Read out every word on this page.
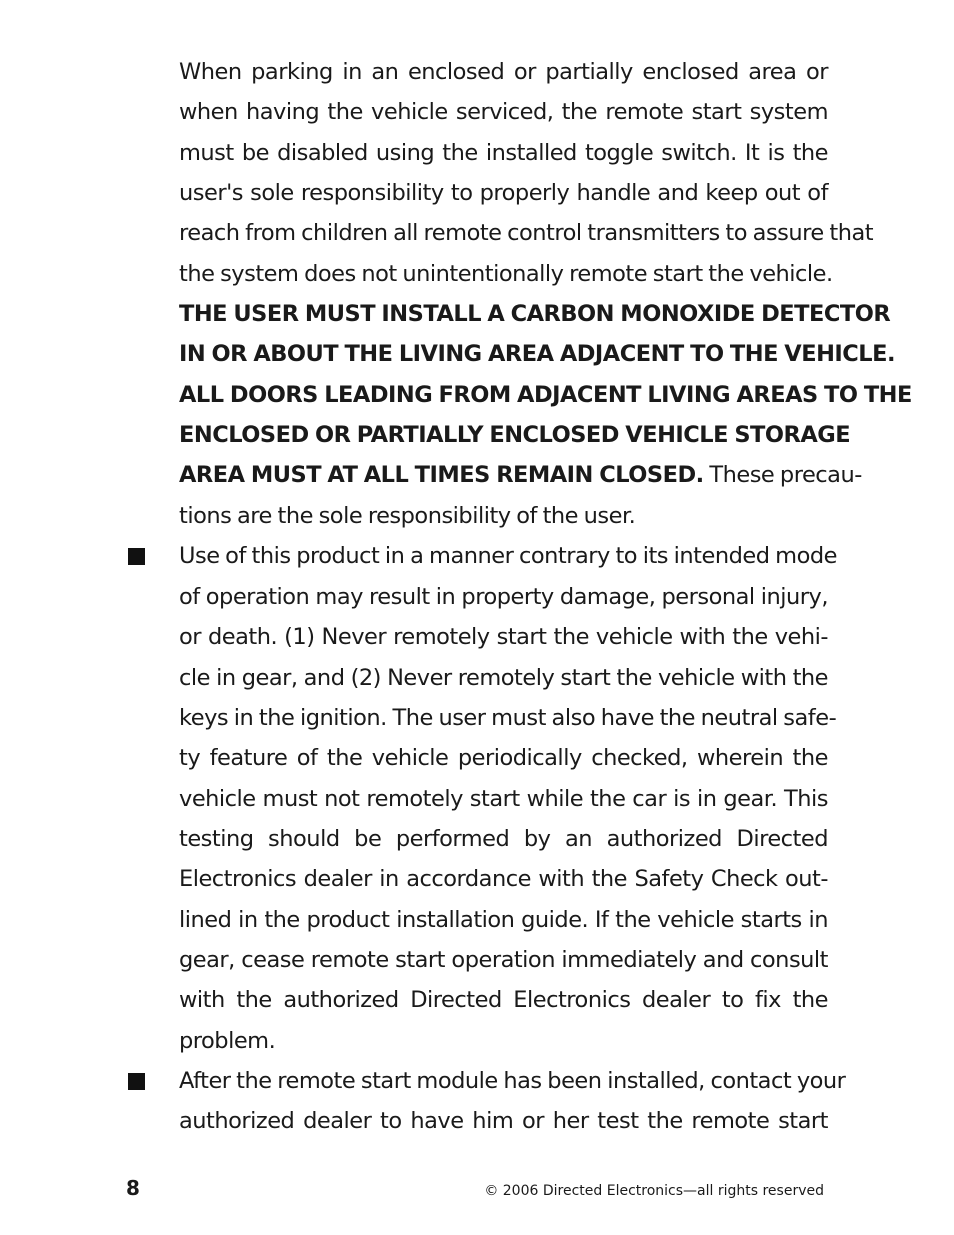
When parking in an enclosed or partially enclosed area or
when having the vehicle serviced, the remote start system
must be disabled using the installed toggle switch. It is the
user's sole responsibility to properly handle and keep out of
reach from children all remote control transmitters to assure that
the system does not unintentionally remote start the vehicle.
THE USER MUST INSTALL A CARBON MONOXIDE DETECTOR
IN OR ABOUT THE LIVING AREA ADJACENT TO THE VEHICLE.
ALL DOORS LEADING FROM ADJACENT LIVING AREAS TO THE
ENCLOSED OR PARTIALLY ENCLOSED VEHICLE STORAGE
AREA MUST AT ALL TIMES REMAIN CLOSED. These precau-
tions are the sole responsibility of the user.
Use of this product in a manner contrary to its intended mode
of operation may result in property damage, personal injury,
or death. (1) Never remotely start the vehicle with the vehi-
cle in gear, and (2) Never remotely start the vehicle with the
keys in the ignition. The user must also have the neutral safe-
ty feature of the vehicle periodically checked, wherein the
vehicle must not remotely start while the car is in gear. This
testing should be performed by an authorized Directed
Electronics dealer in accordance with the Safety Check out-
lined in the product installation guide. If the vehicle starts in
gear, cease remote start operation immediately and consult
with the authorized Directed Electronics dealer to fix the
problem.
After the remote start module has been installed, contact your
authorized dealer to have him or her test the remote start
8	© 2006 Directed Electronics—all rights reserved
